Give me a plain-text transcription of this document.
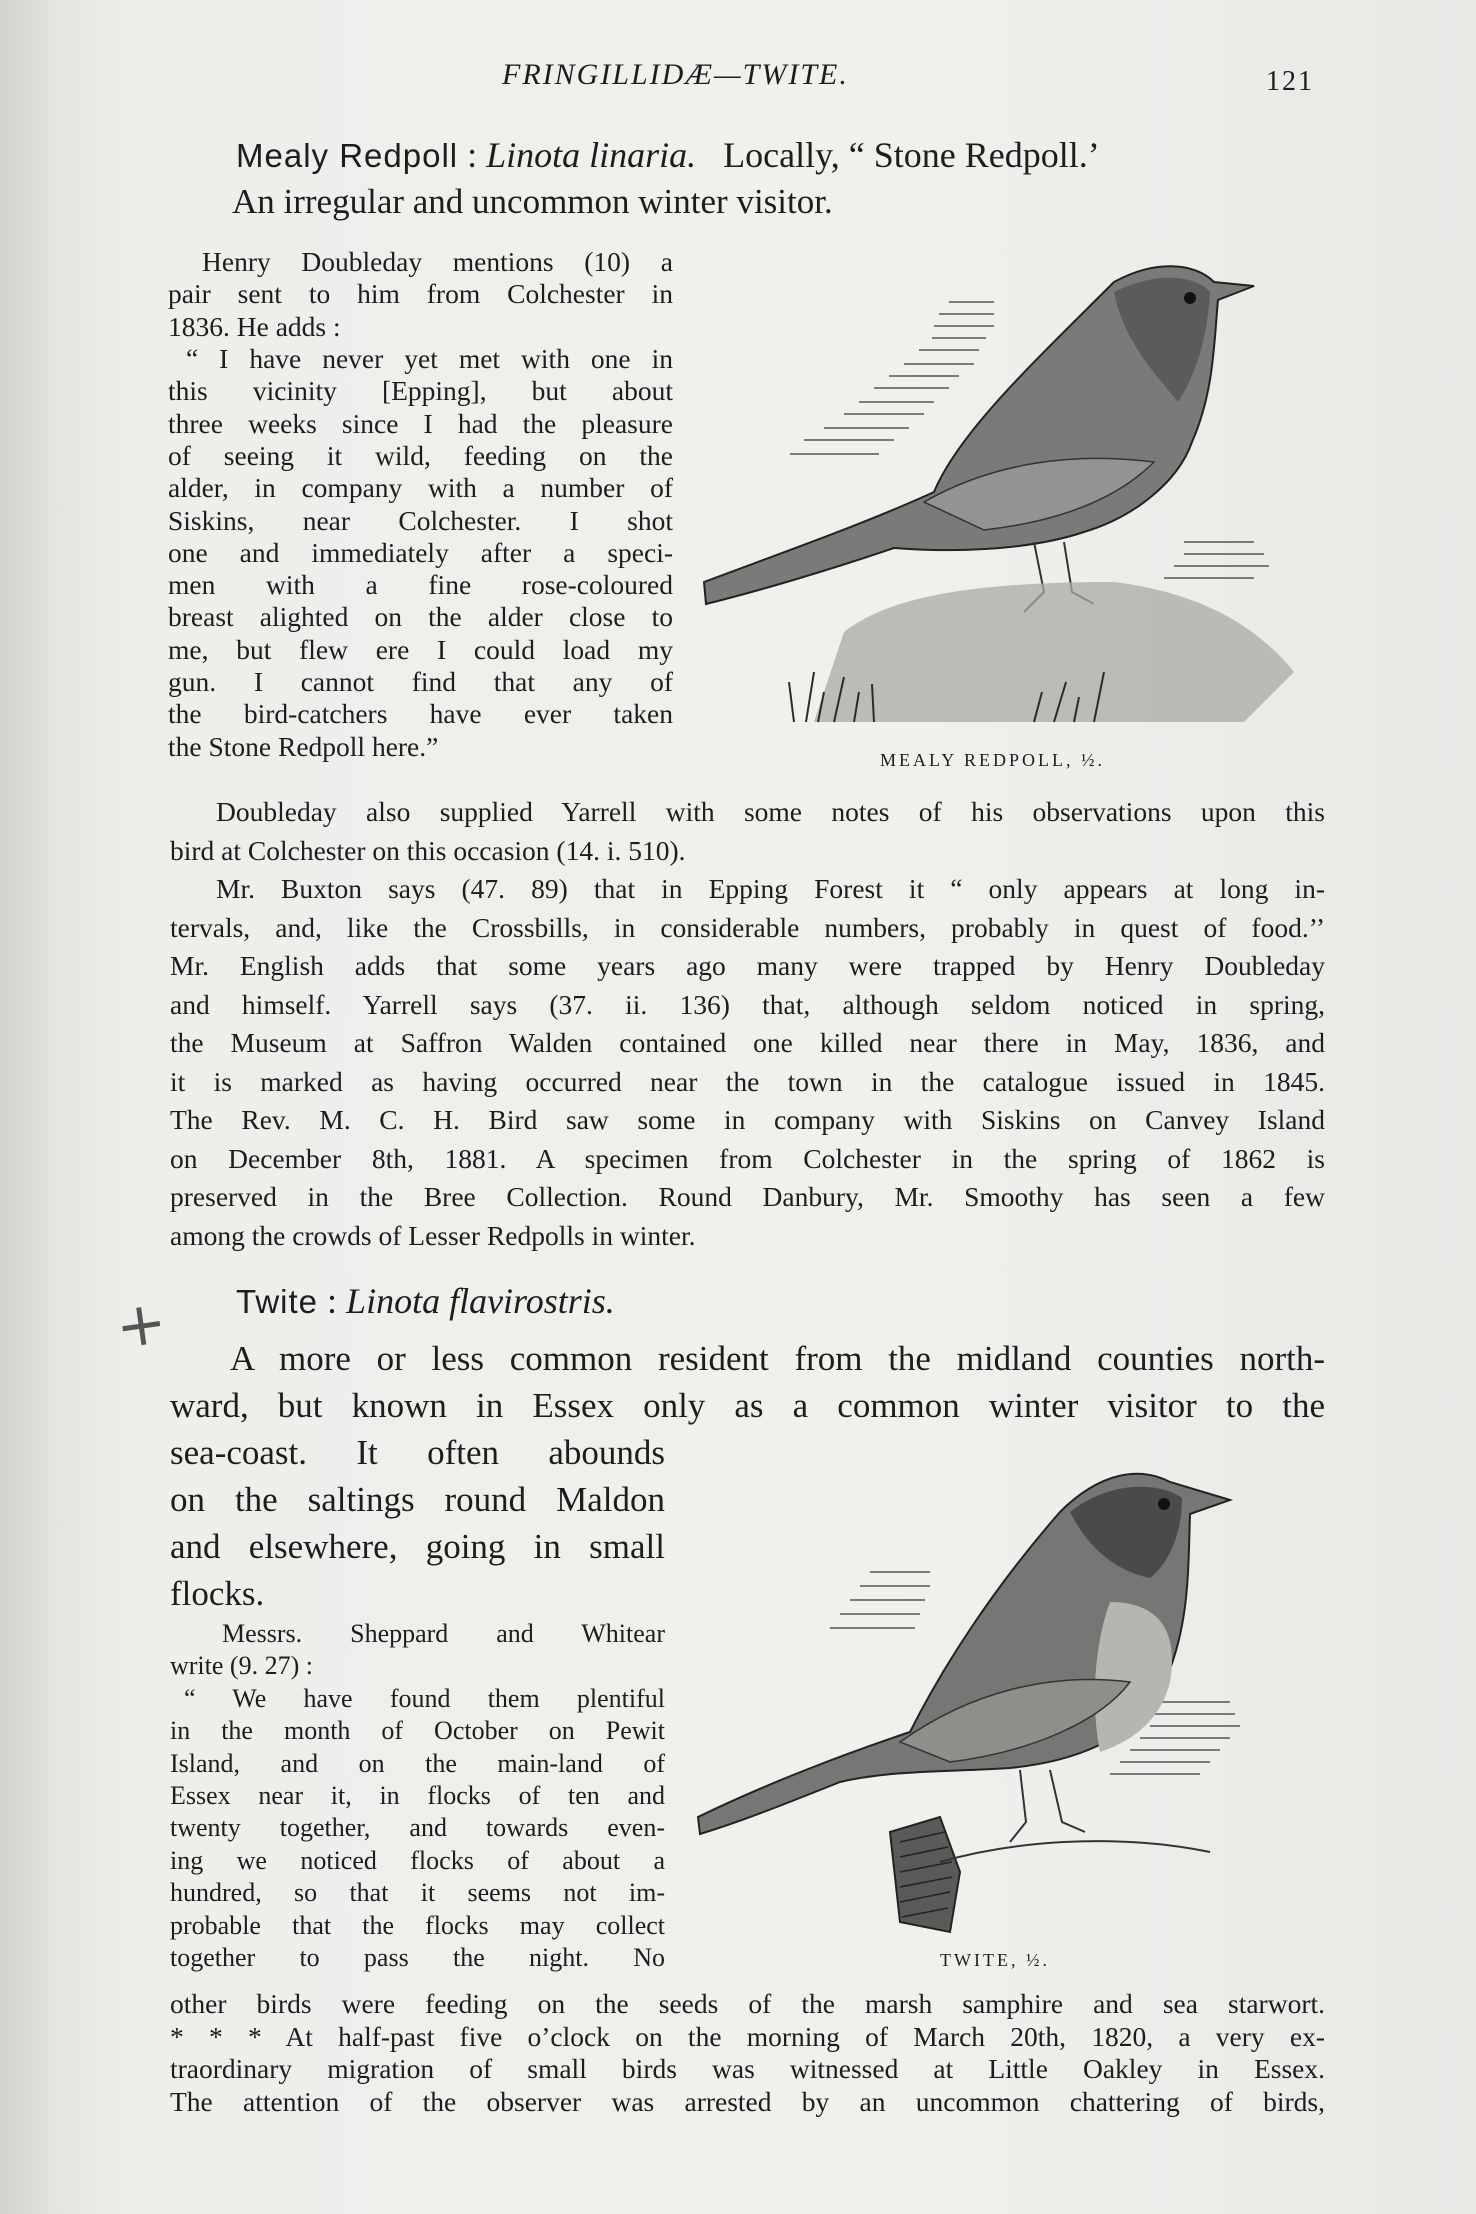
FRINGILLIDÆ—TWITE.	121
Mealy Redpoll : Linota linaria. Locally, “ Stone Redpoll.’
An irregular and uncommon winter visitor.
Henry Doubleday mentions (10) a
pair sent to him from Colchester in
1836. He adds :
“ I have never yet met with one in
this vicinity [Epping], but about
three weeks since I had the pleasure
of seeing it wild, feeding on the
alder, in company with a number of
Siskins, near Colchester. I shot
one and immediately after a speci-
men with a fine rose-coloured
breast alighted on the alder close to
me, but flew ere I could load my
gun. I cannot find that any of
the bird-catchers have ever taken
the Stone Redpoll here.”	MEALY REDPOLL, ½.
Doubleday also supplied Yarrell with some notes of his observations upon this
bird at Colchester on this occasion (14. i. 510).
Mr. Buxton says (47. 89) that in Epping Forest it “ only appears at long in-
tervals, and, like the Crossbills, in considerable numbers, probably in quest of food.’’
Mr. English adds that some years ago many were trapped by Henry Doubleday
and himself. Yarrell says (37. ii. 136) that, although seldom noticed in spring,
the Museum at Saffron Walden contained one killed near there in May, 1836, and
it is marked as having occurred near the town in the catalogue issued in 1845.
The Rev. M. C. H. Bird saw some in company with Siskins on Canvey Island
on December 8th, 1881. A specimen from Colchester in the spring of 1862 is
preserved in the Bree Collection. Round Danbury, Mr. Smoothy has seen a few
among the crowds of Lesser Redpolls in winter.
Twite : Linota flavirostris.
+	A more or less common resident from the midland counties north-
ward, but known in Essex only as a common winter visitor to the
sea-coast. It often abounds
on the saltings round Maldon
and elsewhere, going in small
flocks.
Messrs. Sheppard and Whitear
write (9. 27) :
“ We have found them plentiful
in the month of October on Pewit
Island, and on the main-land of
Essex near it, in flocks of ten and
twenty together, and towards even-
ing we noticed flocks of about a
hundred, so that it seems not im-
probable that the flocks may collect
together to pass the night. No	TWITE, ½.
other birds were feeding on the seeds of the marsh samphire and sea starwort.
* * * At half-past five o’clock on the morning of March 20th, 1820, a very ex-
traordinary migration of small birds was witnessed at Little Oakley in Essex.
The attention of the observer was arrested by an uncommon chattering of birds,
